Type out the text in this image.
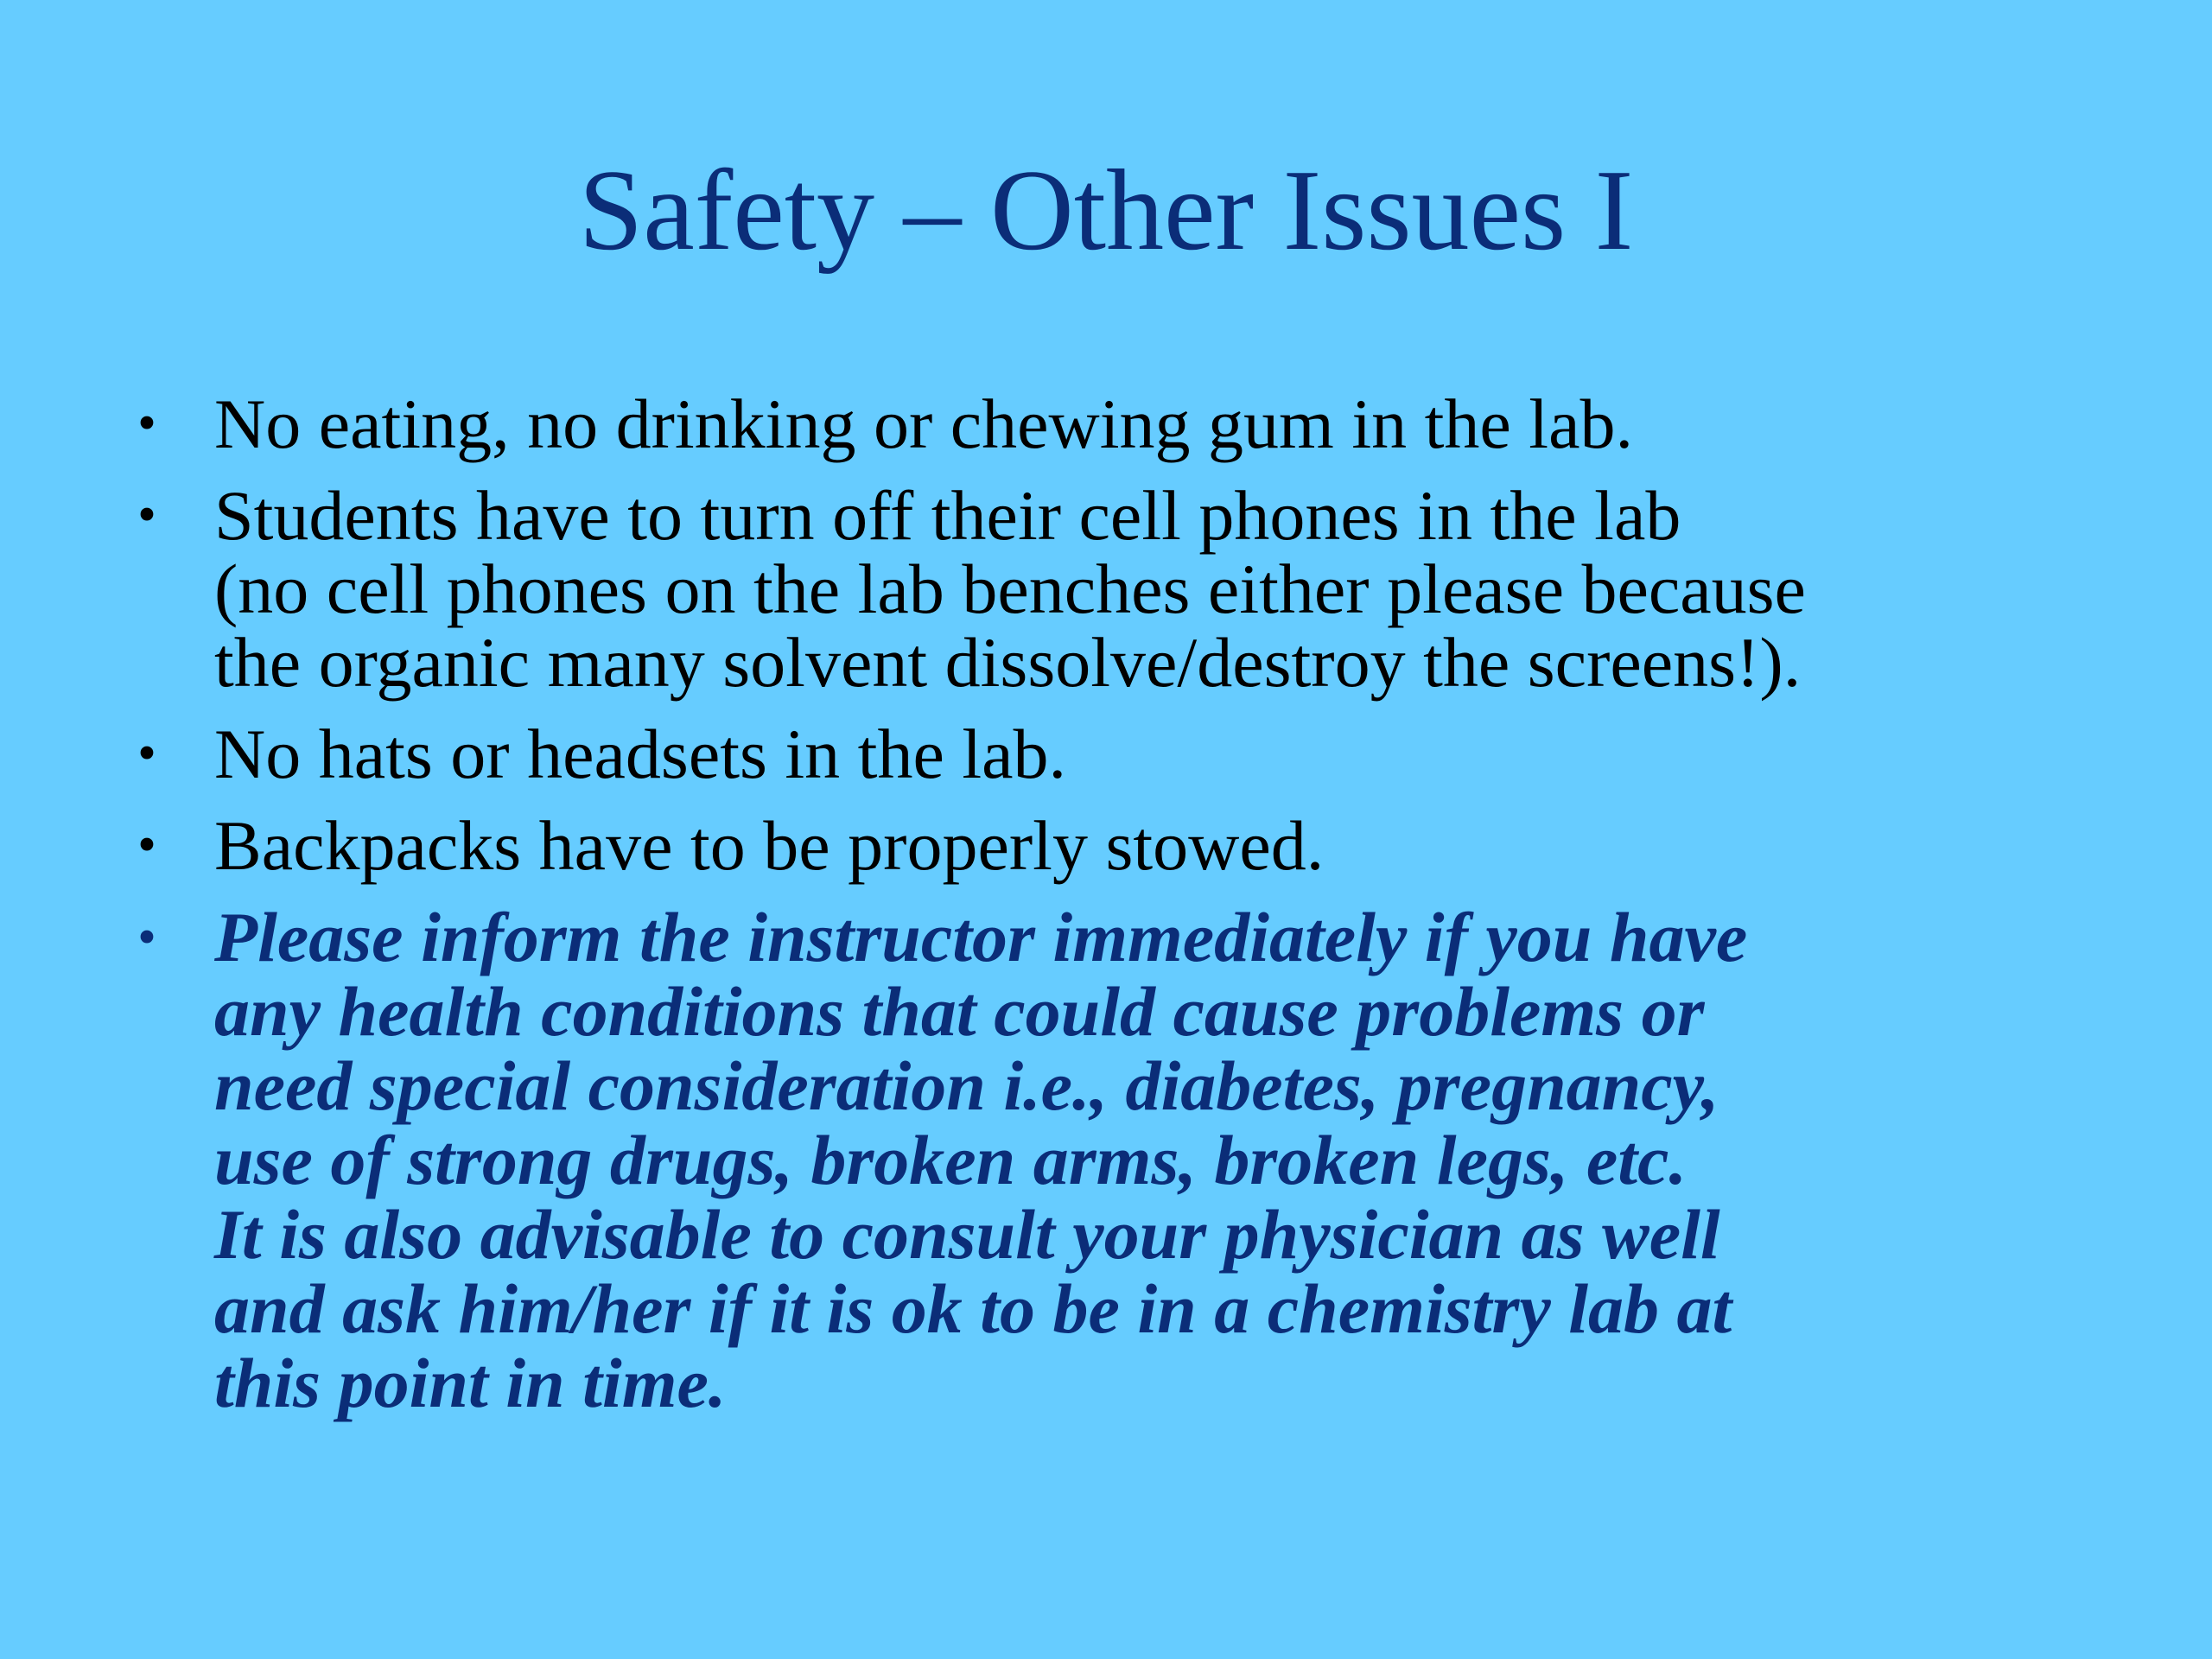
Safety – Other Issues I
• No eating, no drinking or chewing gum in the lab.
• Students have to turn off their cell phones in the lab
(no cell phones on the lab benches either please because
the organic many solvent dissolve/destroy the screens!).
• No hats or headsets in the lab.
• Backpacks have to be properly stowed.
• Please inform the instructor immediately if you have
any health conditions that could cause problems or
need special consideration i.e., diabetes, pregnancy,
use of strong drugs, broken arms, broken legs, etc.
It is also advisable to consult your physician as well
and ask him/her if it is ok to be in a chemistry lab at
this point in time.
